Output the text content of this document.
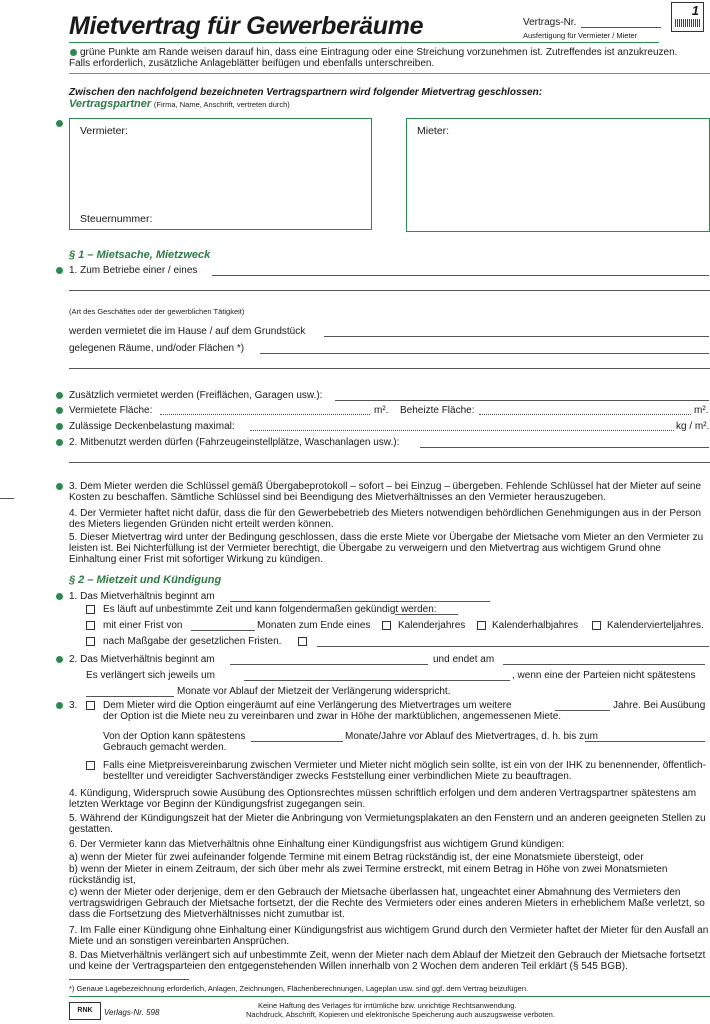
Mietvertrag für Gewerberäume	Vertrags-Nr.
Ausfertigung für Vermieter / Mieter
1
grüne Punkte am Rande weisen darauf hin, dass eine Eintragung oder eine Streichung vorzunehmen ist. Zutreffendes ist anzukreuzen.
Falls erforderlich, zusätzliche Anlageblätter beifügen und ebenfalls unterschreiben.
Zwischen den nachfolgend bezeichneten Vertragspartnern wird folgender Mietvertrag geschlossen:
Vertragspartner (Firma, Name, Anschrift, vertreten durch)
Vermieter:
Steuernummer:
Mieter:
§ 1 – Mietsache, Mietzweck
1. Zum Betriebe einer / eines
(Art des Geschäftes oder der gewerblichen Tätigkeit)
werden vermietet die im Hause / auf dem Grundstück
gelegenen Räume, und/oder Flächen *)
Zusätzlich vermietet werden (Freiflächen, Garagen usw.):
Vermietete Fläche:	m². Beheizte Fläche:	m².
Zulässige Deckenbelastung maximal:	kg / m².
2. Mitbenutzt werden dürfen (Fahrzeugeinstellplätze, Waschanlagen usw.):
3. Dem Mieter werden die Schlüssel gemäß Übergabeprotokoll – sofort – bei Einzug – übergeben. Fehlende Schlüssel hat der Mieter auf seine Kosten zu beschaffen. Sämtliche Schlüssel sind bei Beendigung des Mietverhältnisses an den Vermieter herauszugeben.
4. Der Vermieter haftet nicht dafür, dass die für den Gewerbebetrieb des Mieters notwendigen behördlichen Genehmigungen aus in der Person des Mieters liegenden Gründen nicht erteilt werden können.
5. Dieser Mietvertrag wird unter der Bedingung geschlossen, dass die erste Miete vor Übergabe der Mietsache vom Mieter an den Vermieter zu leisten ist. Bei Nichterfüllung ist der Vermieter berechtigt, die Übergabe zu verweigern und den Mietvertrag aus wichtigem Grund ohne Einhaltung einer Frist mit sofortiger Wirkung zu kündigen.
§ 2 – Mietzeit und Kündigung
1. Das Mietverhältnis beginnt am
Es läuft auf unbestimmte Zeit und kann folgendermaßen gekündigt werden:
mit einer Frist von	Monaten zum Ende eines	Kalenderjahres	Kalenderhalbjahres	Kalendervierteljahres.
nach Maßgabe der gesetzlichen Fristen.
2. Das Mietverhältnis beginnt am	und endet am
Es verlängert sich jeweils um	, wenn eine der Parteien nicht spätestens
Monate vor Ablauf der Mietzeit der Verlängerung widerspricht.
3.	Dem Mieter wird die Option eingeräumt auf eine Verlängerung des Mietvertrages um weitere	Jahre. Bei Ausübung
der Option ist die Miete neu zu vereinbaren und zwar in Höhe der marktüblichen, angemessenen Miete.
Von der Option kann spätestens	Monate/Jahre vor Ablauf des Mietvertrages, d. h. bis zum
Gebrauch gemacht werden.
Falls eine Mietpreisvereinbarung zwischen Vermieter und Mieter nicht möglich sein sollte, ist ein von der IHK zu benennender, öffentlich-bestellter und vereidigter Sachverständiger zwecks Feststellung einer verbindlichen Miete zu beauftragen.
4. Kündigung, Widerspruch sowie Ausübung des Optionsrechtes müssen schriftlich erfolgen und dem anderen Vertragspartner spätestens am letzten Werktage vor Beginn der Kündigungsfrist zugegangen sein.
5. Während der Kündigungszeit hat der Mieter die Anbringung von Vermietungsplakaten an den Fenstern und an anderen geeigneten Stellen zu gestatten.
6. Der Vermieter kann das Mietverhältnis ohne Einhaltung einer Kündigungsfrist aus wichtigem Grund kündigen:
a) wenn der Mieter für zwei aufeinander folgende Termine mit einem Betrag rückständig ist, der eine Monatsmiete übersteigt, oder
b) wenn der Mieter in einem Zeitraum, der sich über mehr als zwei Termine erstreckt, mit einem Betrag in Höhe von zwei Monatsmieten rückständig ist,
c) wenn der Mieter oder derjenige, dem er den Gebrauch der Mietsache überlassen hat, ungeachtet einer Abmahnung des Vermieters den vertragswidrigen Gebrauch der Mietsache fortsetzt, der die Rechte des Vermieters oder eines anderen Mieters in erheblichem Maße verletzt, so dass die Fortsetzung des Mietverhältnisses nicht zumutbar ist.
7. Im Falle einer Kündigung ohne Einhaltung einer Kündigungsfrist aus wichtigem Grund durch den Vermieter haftet der Mieter für den Ausfall an Miete und an sonstigen vereinbarten Ansprüchen.
8. Das Mietverhältnis verlängert sich auf unbestimmte Zeit, wenn der Mieter nach dem Ablauf der Mietzeit den Gebrauch der Mietsache fortsetzt und keine der Vertragsparteien den entgegenstehenden Willen innerhalb von 2 Wochen dem anderen Teil erklärt (§ 545 BGB).
*) Genaue Lagebezeichnung erforderlich, Anlagen, Zeichnungen, Flächenberechnungen, Lageplan usw. sind ggf. dem Vertrag beizufügen.
RNK	Verlags-Nr. 598
Keine Haftung des Verlages für irrtümliche bzw. unrichtige Rechtsanwendung.
Nachdruck, Abschrift, Kopieren und elektronische Speicherung auch auszugsweise verboten.
